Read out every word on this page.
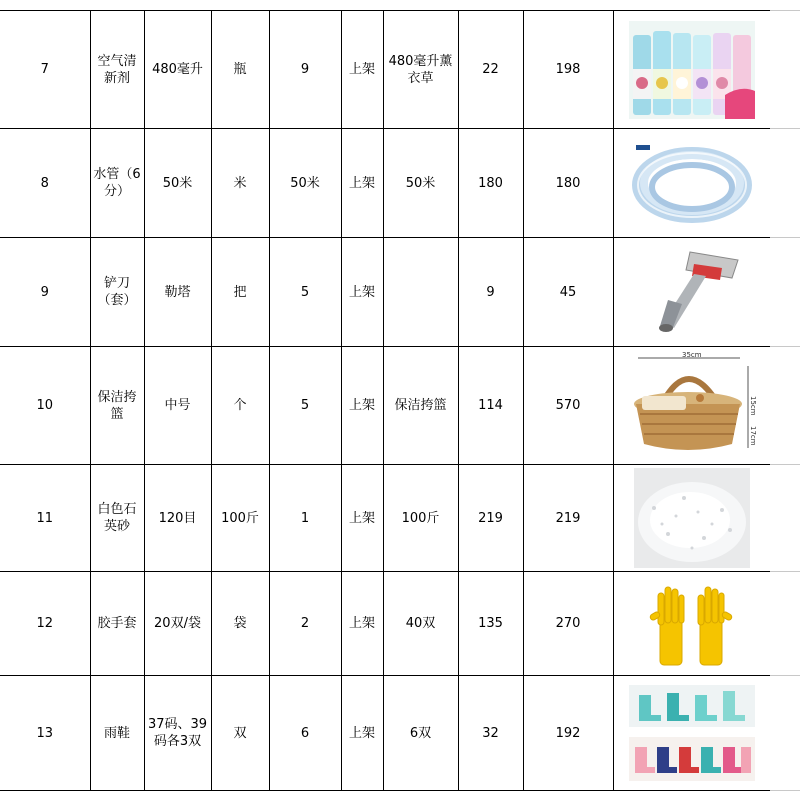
7	空气清新剂	480毫升	瓶	9	上架	480毫升薰衣草	22	198	

8	水管（6分）	50米	米	50米	上架	50米	180	180	

9	铲刀（套）	勒塔	把	5	上架		9	45	

10	保洁挎篮	中号	个	5	上架	保洁挎篮	114	570	35cm
15cm
17cm	

11	白色石英砂	120目	100斤	1	上架	100斤	219	219	

12	胶手套	20双/袋	袋	2	上架	40双	135	270	

13	雨鞋	37码、39码各3双	双	6	上架	6双	32	192	
